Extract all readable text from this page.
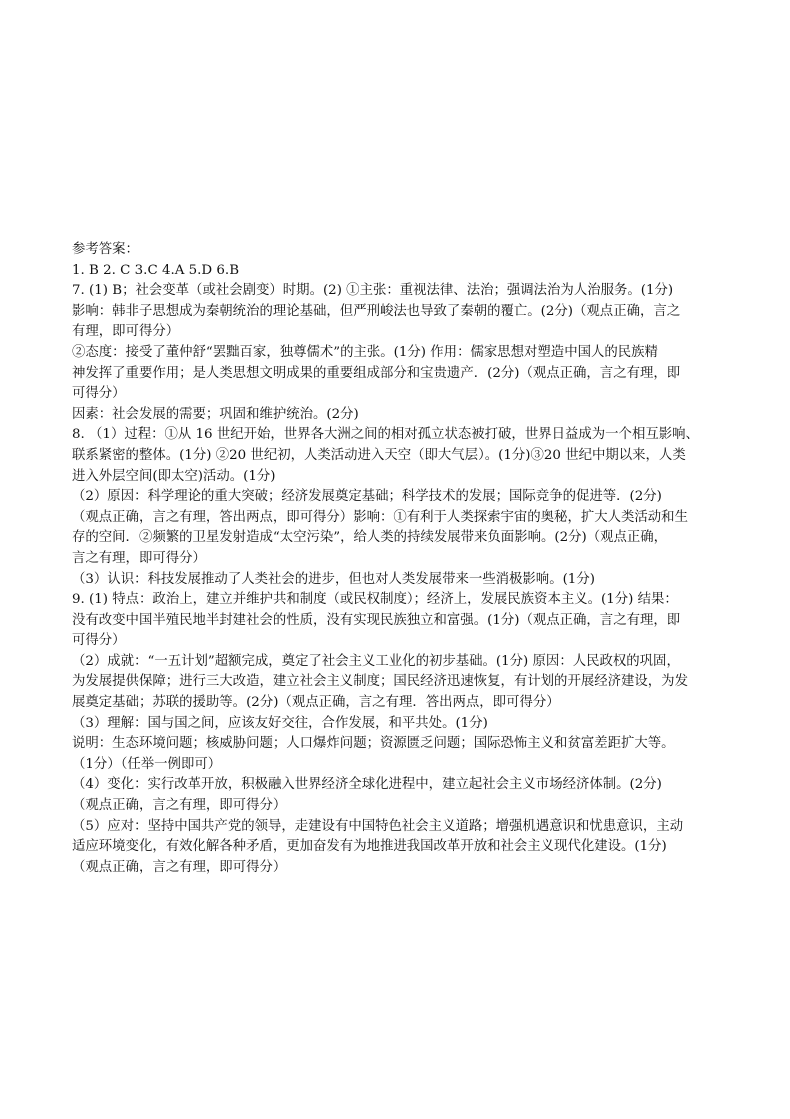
参考答案：
1. B 2. C 3.C 4.A 5.D 6.B
7. (1) B；社会变革（或社会剧变）时期。(2) ①主张：重视法律、法治；强调法治为人治服务。(1分)
影响：韩非子思想成为秦朝统治的理论基础，但严刑峻法也导致了秦朝的覆亡。(2分)（观点正确，言之
有理，即可得分）
②态度：接受了董仲舒“罢黜百家，独尊儒术”的主张。(1分) 作用：儒家思想对塑造中国人的民族精
神发挥了重要作用；是人类思想文明成果的重要组成部分和宝贵遗产．(2分)（观点正确，言之有理，即
可得分）
因素：社会发展的需要；巩固和维护统治。(2分)
8. （1）过程：①从 16 世纪开始，世界各大洲之间的相对孤立状态被打破，世界日益成为一个相互影响、
联系紧密的整体。(1分) ②20 世纪初，人类活动进入天空（即大气层）。(1分)③20 世纪中期以来，人类
进入外层空间(即太空)活动。(1分)
（2）原因：科学理论的重大突破；经济发展奠定基础；科学技术的发展；国际竞争的促进等．(2分)
（观点正确，言之有理，答出两点，即可得分）影响：①有利于人类探索宇宙的奥秘，扩大人类活动和生
存的空间．②频繁的卫星发射造成“太空污染”，给人类的持续发展带来负面影响。(2分)（观点正确，
言之有理，即可得分）
（3）认识：科技发展推动了人类社会的进步，但也对人类发展带来一些消极影响。(1分)
9. (1) 特点：政治上，建立并维护共和制度（或民权制度）；经济上，发展民族资本主义。(1分) 结果：
没有改变中国半殖民地半封建社会的性质，没有实现民族独立和富强。(1分)（观点正确，言之有理，即
可得分）
（2）成就：“一五计划”超额完成，奠定了社会主义工业化的初步基础。(1分) 原因：人民政权的巩固，
为发展提供保障；进行三大改造，建立社会主义制度；国民经济迅速恢复，有计划的开展经济建设，为发
展奠定基础；苏联的援助等。(2分)（观点正确，言之有理．答出两点，即可得分）
（3）理解：国与国之间，应该友好交往，合作发展，和平共处。(1分)
说明：生态环境问题；核威胁问题；人口爆炸问题；资源匮乏问题；国际恐怖主义和贫富差距扩大等。
（1分）（任举一例即可）
（4）变化：实行改革开放，积极融入世界经济全球化进程中，建立起社会主义市场经济体制。(2分)
（观点正确，言之有理，即可得分）
（5）应对：坚持中国共产党的领导，走建设有中国特色社会主义道路；增强机遇意识和忧患意识，主动
适应环境变化，有效化解各种矛盾，更加奋发有为地推进我国改革开放和社会主义现代化建设。(1分)
（观点正确，言之有理，即可得分）
